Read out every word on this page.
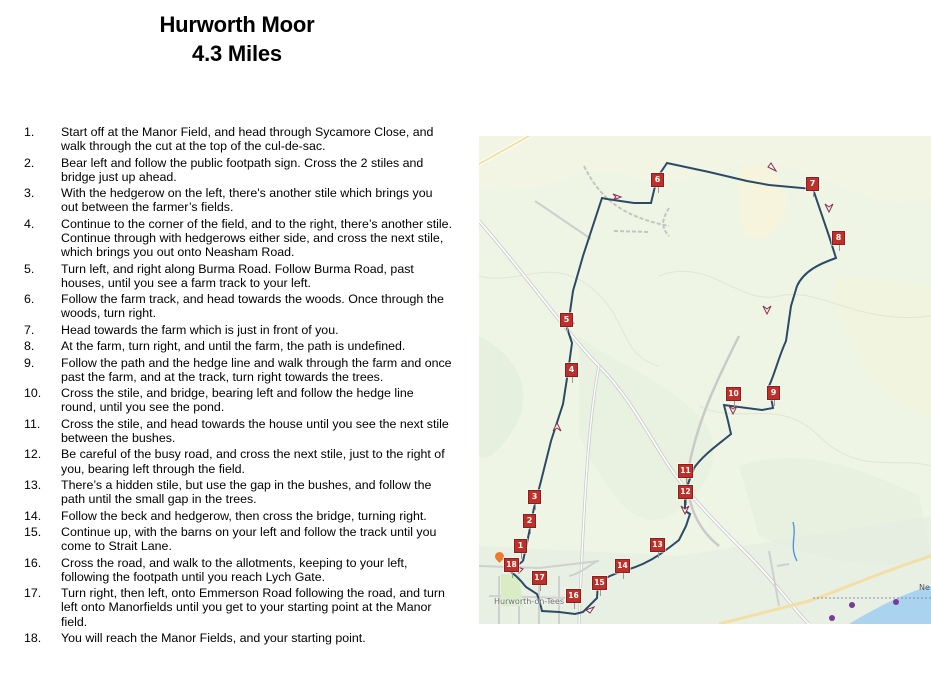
Hurworth Moor
4.3 Miles
1.	Start off at the Manor Field, and head through Sycamore Close, and walk through the cut at the top of the cul-de-sac.
2.	Bear left and follow the public footpath sign. Cross the 2 stiles and bridge just up ahead.
3.	With the hedgerow on the left, there's another stile which brings you out between the farmer’s fields.
4.	Continue to the corner of the field, and to the right, there’s another stile. Continue through with hedgerows either side, and cross the next stile, which brings you out onto Neasham Road.
5.	Turn left, and right along Burma Road. Follow Burma Road, past houses, until you see a farm track to your left.
6.	Follow the farm track, and head towards the woods. Once through the woods, turn right.
7.	Head towards the farm which is just in front of you.
8.	At the farm, turn right, and until the farm, the path is undefined.
9.	Follow the path and the hedge line and walk through the farm and once past the farm, and at the track, turn right towards the trees.
10.	Cross the stile, and bridge, bearing left and follow the hedge line round, until you see the pond.
11.	Cross the stile, and head towards the house until you see the next stile between the bushes.
12.	Be careful of the busy road, and cross the next stile, just to the right of you, bearing left through the field.
13.	There’s a hidden stile, but use the gap in the bushes, and follow the path until the small gap in the trees.
14.	Follow the beck and hedgerow, then cross the bridge, turning right.
15.	Continue up, with the barns on your left and follow the track until you come to Strait Lane.
16.	Cross the road, and walk to the allotments, keeping to your left, following the footpath until you reach Lych Gate.
17.	Turn right, then left, onto Emmerson Road following the road, and turn left onto Manorfields until you get to your starting point at the Manor field.
18.	You will reach the Manor Fields, and your starting point.
1
2
3
4
5
6	7
8
9
10
11
12
13
14
15
16
17
18
Hurworth-on-Tees
Ne
